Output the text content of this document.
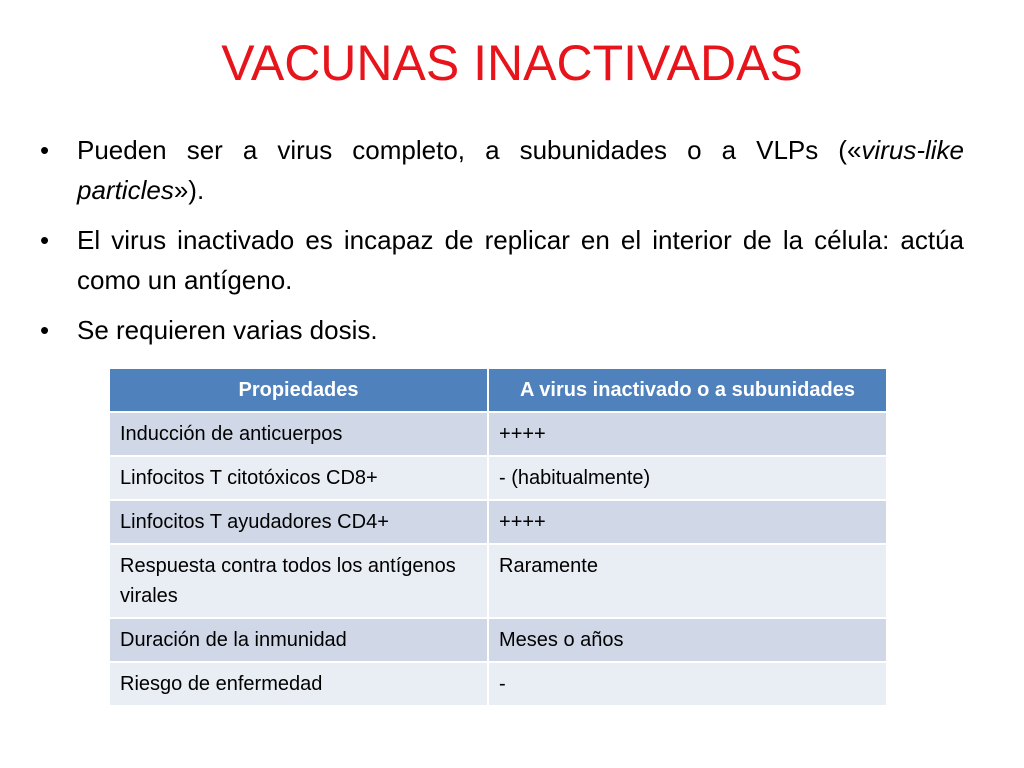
VACUNAS INACTIVADAS
•	Pueden ser a virus completo, a subunidades o a VLPs («virus-like particles»).
•	El virus inactivado es incapaz de replicar en el interior de la célula: actúa como un antígeno.
•	Se requieren varias dosis.
Propiedades	A virus inactivado o a subunidades
Inducción de anticuerpos	++++
Linfocitos T citotóxicos CD8+	- (habitualmente)
Linfocitos T ayudadores CD4+	++++
Respuesta contra todos los antígenos virales	Raramente
Duración de la inmunidad	Meses o años
Riesgo de enfermedad	-
